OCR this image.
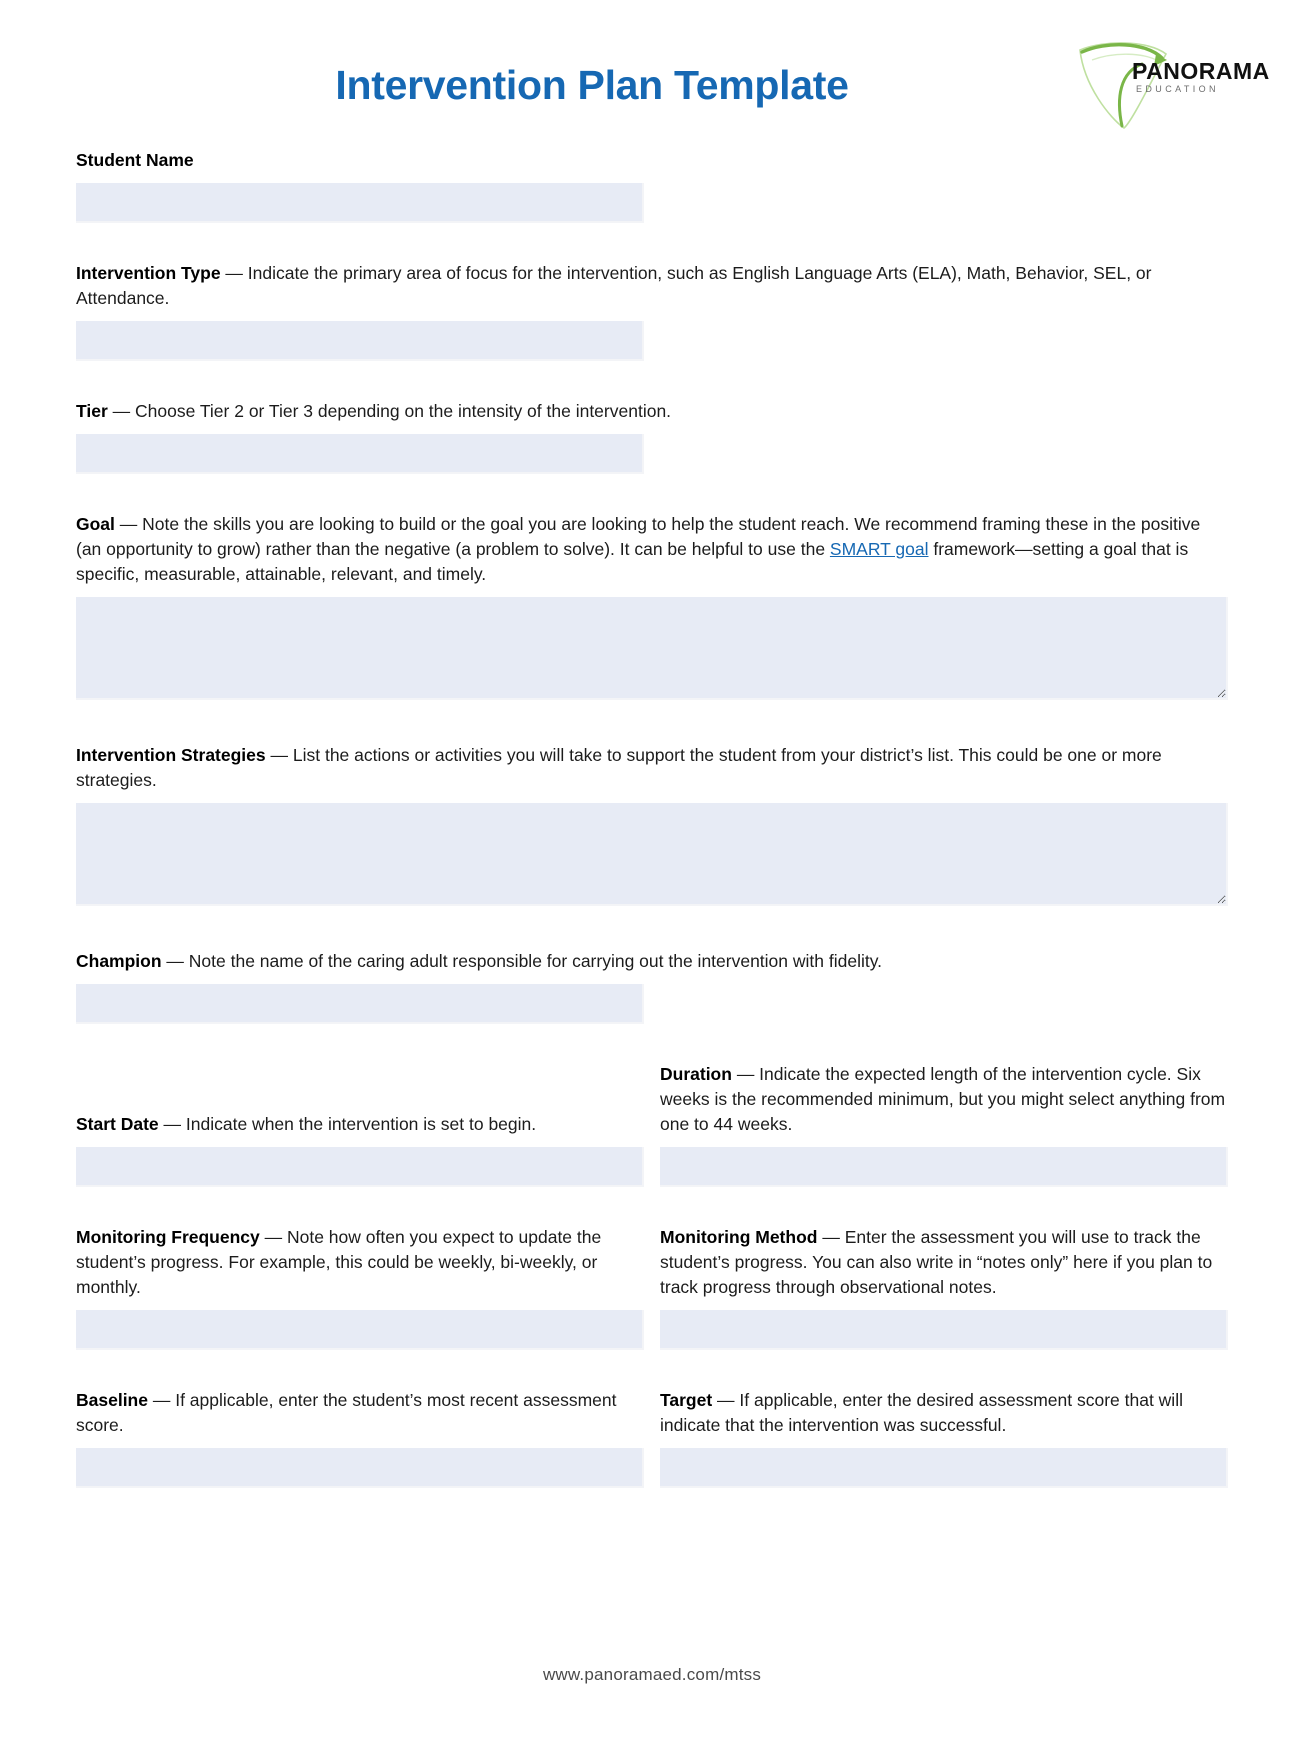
Intervention Plan Template	PANORAMA
EDUCATION

Student Name

Intervention Type — Indicate the primary area of focus for the intervention, such as English Language Arts (ELA), Math, Behavior, SEL, or Attendance.

Tier — Choose Tier 2 or Tier 3 depending on the intensity of the intervention.

Goal — Note the skills you are looking to build or the goal you are looking to help the student reach. We recommend framing these in the positive (an opportunity to grow) rather than the negative (a problem to solve). It can be helpful to use the SMART goal framework—setting a goal that is specific, measurable, attainable, relevant, and timely.

Intervention Strategies — List the actions or activities you will take to support the student from your district’s list. This could be one or more strategies.

Champion — Note the name of the caring adult responsible for carrying out the intervention with fidelity.

Start Date — Indicate when the intervention is set to begin.

Duration — Indicate the expected length of the intervention cycle. Six weeks is the recommended minimum, but you might select anything from one to 44 weeks.

Monitoring Frequency — Note how often you expect to update the student’s progress. For example, this could be weekly, bi-weekly, or monthly.

Monitoring Method — Enter the assessment you will use to track the student’s progress. You can also write in “notes only” here if you plan to track progress through observational notes.

Baseline — If applicable, enter the student’s most recent assessment score.

Target — If applicable, enter the desired assessment score that will indicate that the intervention was successful.

www.panoramaed.com/mtss
